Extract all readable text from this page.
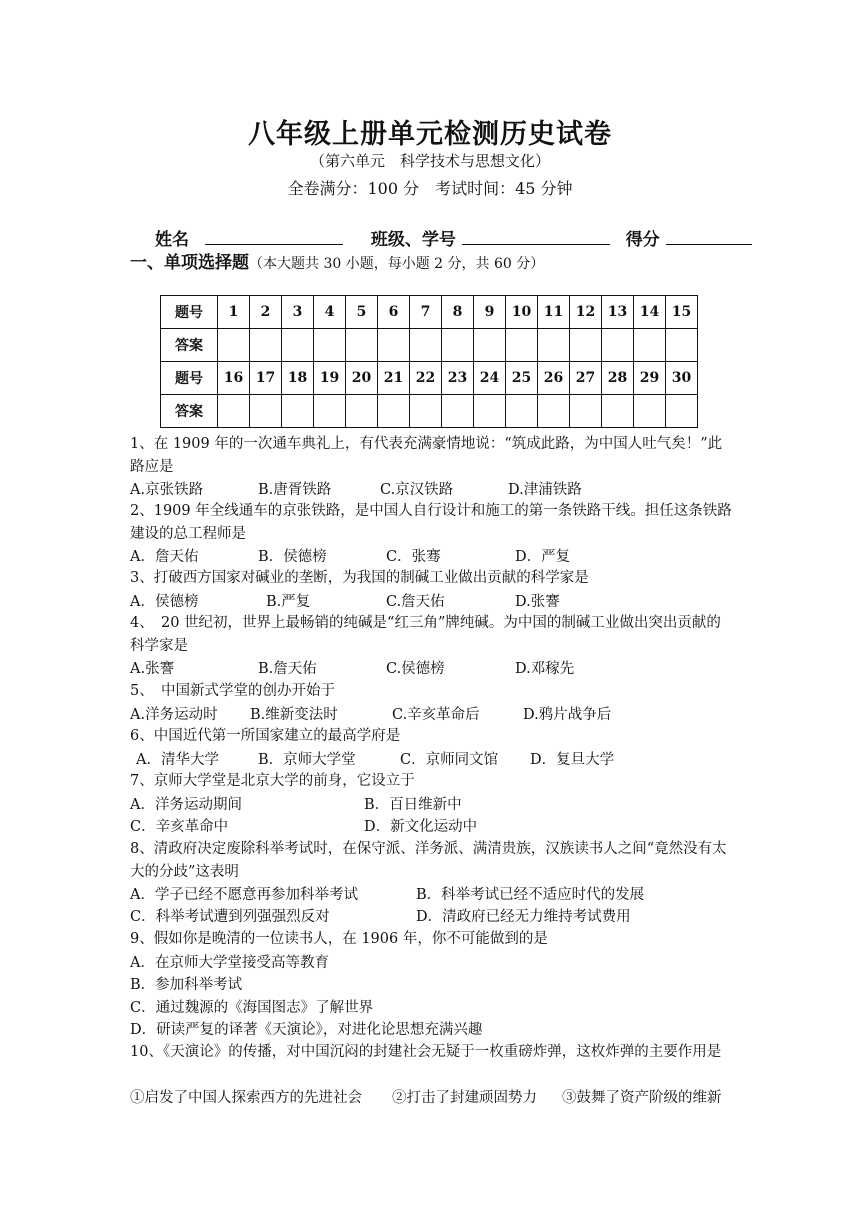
八年级上册单元检测历史试卷
（第六单元　科学技术与思想文化）
全卷满分：100 分　考试时间：45 分钟
姓名	班级、学号	得分
一、单项选择题（本大题共 30 小题，每小题 2 分，共 60 分）
题号	1	2	3	4	5	6	7	8	9	10	11	12	13	14	15
答案															
题号	16	17	18	19	20	21	22	23	24	25	26	27	28	29	30
答案															
1、在 1909 年的一次通车典礼上，有代表充满豪情地说：“筑成此路，为中国人吐气矣！”此路应是
A.京张铁路	B.唐胥铁路	C.京汉铁路	D.津浦铁路
2、1909 年全线通车的京张铁路，是中国人自行设计和施工的第一条铁路干线。担任这条铁路建设的总工程师是
A．詹天佑	B．侯德榜	C．张骞	D．严复
3、打破西方国家对碱业的垄断，为我国的制碱工业做出贡献的科学家是
A．侯德榜	B.严复	C.詹天佑	D.张謇
4、　20 世纪初，世界上最畅销的纯碱是“红三角”牌纯碱。为中国的制碱工业做出突出贡献的科学家是
A.张謇	B.詹天佑	C.侯德榜	D.邓稼先
5、　中国新式学堂的创办开始于
A.洋务运动时 B.维新变法时	C.辛亥革命后	D.鸦片战争后
6、中国近代第一所国家建立的最高学府是
A．清华大学	B．京师大学堂	C．京师同文馆 D．复旦大学
7、京师大学堂是北京大学的前身，它设立于
A．洋务运动期间	B．百日维新中
C．辛亥革命中	D．新文化运动中
8、清政府决定废除科举考试时，在保守派、洋务派、满清贵族，汉族读书人之间“竟然没有太大的分歧”这表明
A．学子已经不愿意再参加科举考试	B．科举考试已经不适应时代的发展
C．科举考试遭到列强强烈反对	D．清政府已经无力维持考试费用
9、假如你是晚清的一位读书人，在 1906 年，你不可能做到的是
A．在京师大学堂接受高等教育
B．参加科举考试
C．通过魏源的《海国图志》了解世界
D．研读严复的译著《天演论》，对进化论思想充满兴趣
10、《天演论》的传播，对中国沉闷的封建社会无疑于一枚重磅炸弹，这枚炸弹的主要作用是
①启发了中国人探索西方的先进社会 ②打击了封建顽固势力 ③鼓舞了资产阶级的维新
